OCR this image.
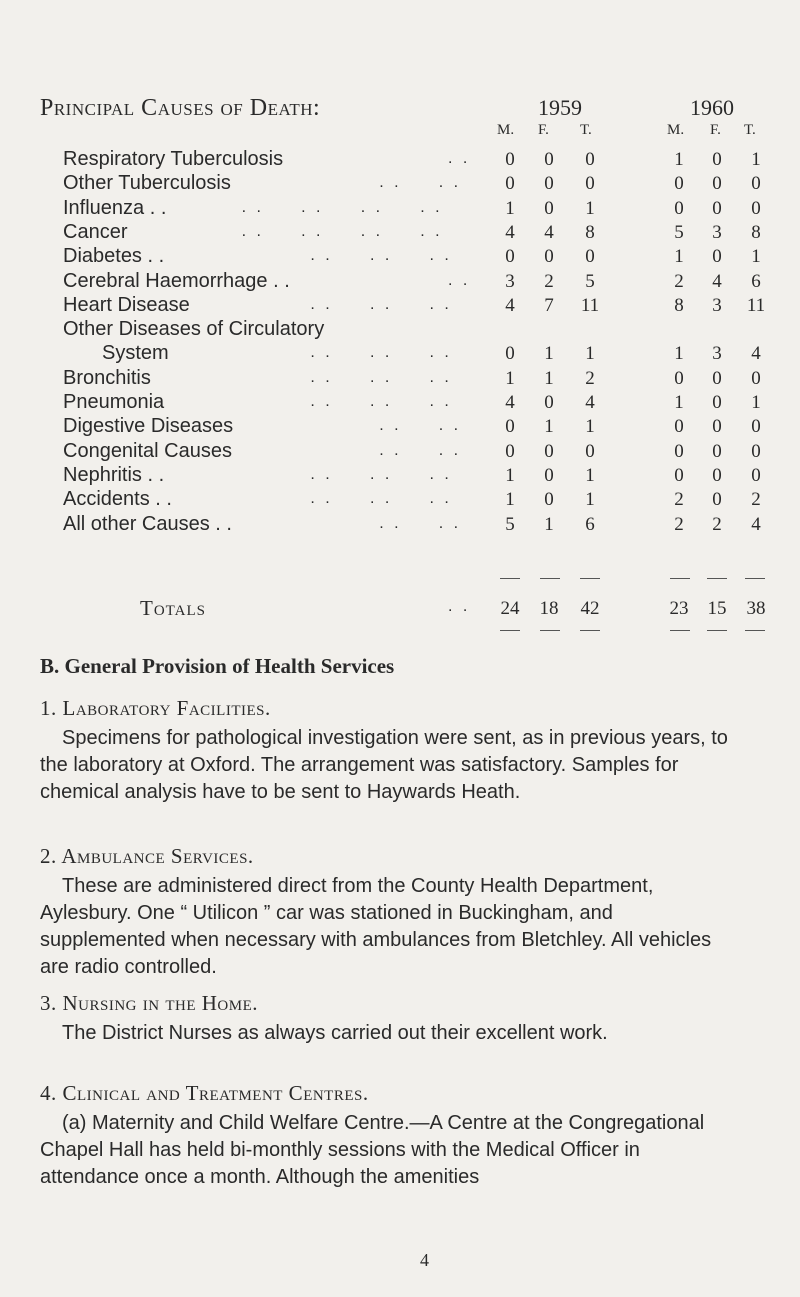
Principal Causes of Death:	1959	1960
M. F. T.	M. F. T.
Respiratory Tuberculosis	. .	0	0	0	1	0	1
Other Tuberculosis	. .     . .	0	0	0	0	0	0
Influenza . .	. .     . .     . .     . .	1	0	1	0	0	0
Cancer	. .     . .     . .     . .	4	4	8	5	3	8
Diabetes . .	. .     . .     . .	0	0	0	1	0	1
Cerebral Haemorrhage . .	. .	3	2	5	2	4	6
Heart Disease	. .     . .     . .	4	7	11	8	3	11
Other Diseases of Circulatory
System	. .     . .     . .	0	1	1	1	3	4
Bronchitis	. .     . .     . .	1	1	2	0	0	0
Pneumonia	. .     . .     . .	4	0	4	1	0	1
Digestive Diseases	. .     . .	0	1	1	0	0	0
Congenital Causes	. .     . .	0	0	0	0	0	0
Nephritis . .	. .     . .     . .	1	0	1	0	0	0
Accidents . .	. .     . .     . .	1	0	1	2	0	2
All other Causes . .	. .     . .	5	1	6	2	2	4
Totals	. . 24 18 42	23 15 38
B. General Provision of Health Services
1. Laboratory Facilities.
Specimens for pathological investigation were sent, as in previous years, to the laboratory at Oxford. The arrangement was satisfactory. Samples for chemical analysis have to be sent to Haywards Heath.
2. Ambulance Services.
These are administered direct from the County Health Department, Aylesbury. One “ Utilicon ” car was stationed in Buckingham, and supplemented when necessary with ambulances from Bletchley. All vehicles are radio controlled.
3. Nursing in the Home.
The District Nurses as always carried out their excellent work.
4. Clinical and Treatment Centres.
(a) Maternity and Child Welfare Centre.—A Centre at the Congregational Chapel Hall has held bi-monthly sessions with the Medical Officer in attendance once a month. Although the amenities
4
